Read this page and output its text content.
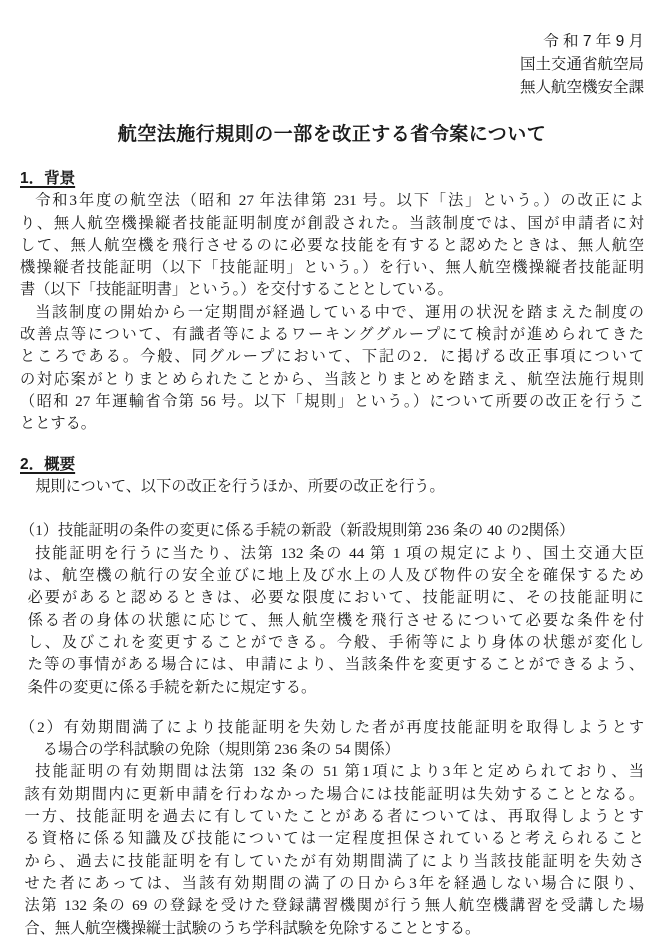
令 和 7 年 9 月
国土交通省航空局
無人航空機安全課
航空法施行規則の一部を改正する省令案について
1．背景
令和3年度の航空法（昭和 27 年法律第 231 号。以下「法」という。）の改正によ
り、無人航空機操縦者技能証明制度が創設された。当該制度では、国が申請者に対
して、無人航空機を飛行させるのに必要な技能を有すると認めたときは、無人航空
機操縦者技能証明（以下「技能証明」という。）を行い、無人航空機操縦者技能証明
書（以下「技能証明書」という。）を交付することとしている。
当該制度の開始から一定期間が経過している中で、運用の状況を踏まえた制度の
改善点等について、有識者等によるワーキンググループにて検討が進められてきた
ところである。今般、同グループにおいて、下記の2．に掲げる改正事項について
の対応案がとりまとめられたことから、当該とりまとめを踏まえ、航空法施行規則
（昭和 27 年運輸省令第 56 号。以下「規則」という。）について所要の改正を行うこ
ととする。
2．概要
規則について、以下の改正を行うほか、所要の改正を行う。
（1）技能証明の条件の変更に係る手続の新設（新設規則第 236 条の 40 の2関係）
技能証明を行うに当たり、法第 132 条の 44 第 1 項の規定により、国土交通大臣
は、航空機の航行の安全並びに地上及び水上の人及び物件の安全を確保するため
必要があると認めるときは、必要な限度において、技能証明に、その技能証明に
係る者の身体の状態に応じて、無人航空機を飛行させるについて必要な条件を付
し、及びこれを変更することができる。今般、手術等により身体の状態が変化し
た等の事情がある場合には、申請により、当該条件を変更することができるよう、
条件の変更に係る手続を新たに規定する。
（2）有効期間満了により技能証明を失効した者が再度技能証明を取得しようとす
る場合の学科試験の免除（規則第 236 条の 54 関係）
技能証明の有効期間は法第 132 条の 51 第1項により3年と定められており、当
該有効期間内に更新申請を行わなかった場合には技能証明は失効することとなる。
一方、技能証明を過去に有していたことがある者については、再取得しようとす
る資格に係る知識及び技能については一定程度担保されていると考えられること
から、過去に技能証明を有していたが有効期間満了により当該技能証明を失効さ
せた者にあっては、当該有効期間の満了の日から3年を経過しない場合に限り、
法第 132 条の 69 の登録を受けた登録講習機関が行う無人航空機講習を受講した場
合、無人航空機操縦士試験のうち学科試験を免除することとする。
